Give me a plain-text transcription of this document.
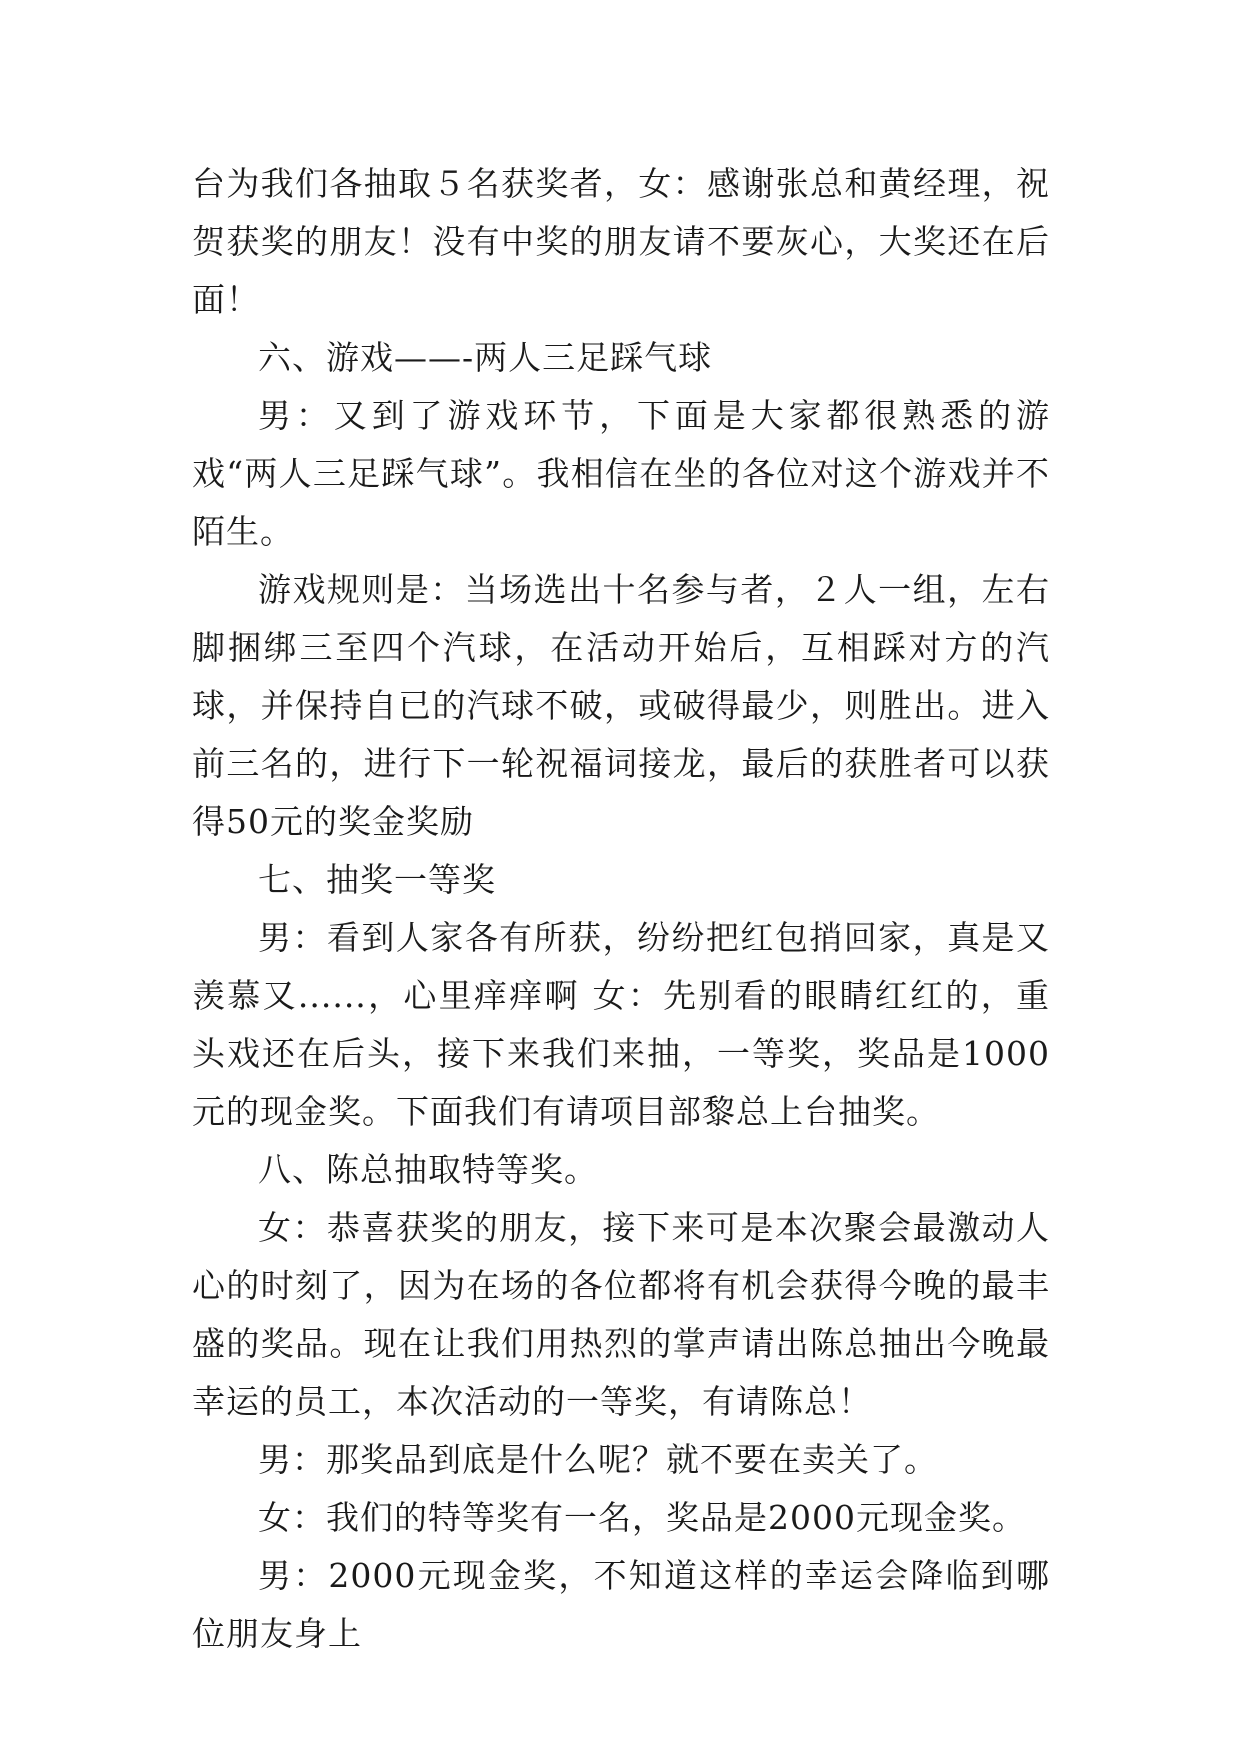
台为我们各抽取５名获奖者，女：感谢张总和黄经理，祝贺获奖的朋友！没有中奖的朋友请不要灰心，大奖还在后面！

六、游戏——-两人三足踩气球

男：又到了游戏环节，下面是大家都很熟悉的游戏“两人三足踩气球”。我相信在坐的各位对这个游戏并不陌生。

游戏规则是：当场选出十名参与者，２人一组，左右脚捆绑三至四个汽球，在活动开始后，互相踩对方的汽球，并保持自已的汽球不破，或破得最少，则胜出。进入前三名的，进行下一轮祝福词接龙，最后的获胜者可以获得50元的奖金奖励

七、抽奖一等奖

男：看到人家各有所获，纷纷把红包捎回家，真是又羡慕又......，心里痒痒啊 女：先别看的眼睛红红的，重头戏还在后头，接下来我们来抽，一等奖，奖品是1000元的现金奖。下面我们有请项目部黎总上台抽奖。

八、陈总抽取特等奖。

女：恭喜获奖的朋友，接下来可是本次聚会最激动人心的时刻了，因为在场的各位都将有机会获得今晚的最丰盛的奖品。现在让我们用热烈的掌声请出陈总抽出今晚最幸运的员工，本次活动的一等奖，有请陈总！

男：那奖品到底是什么呢？就不要在卖关了。

女：我们的特等奖有一名，奖品是2000元现金奖。

男：2000元现金奖，不知道这样的幸运会降临到哪位朋友身上
